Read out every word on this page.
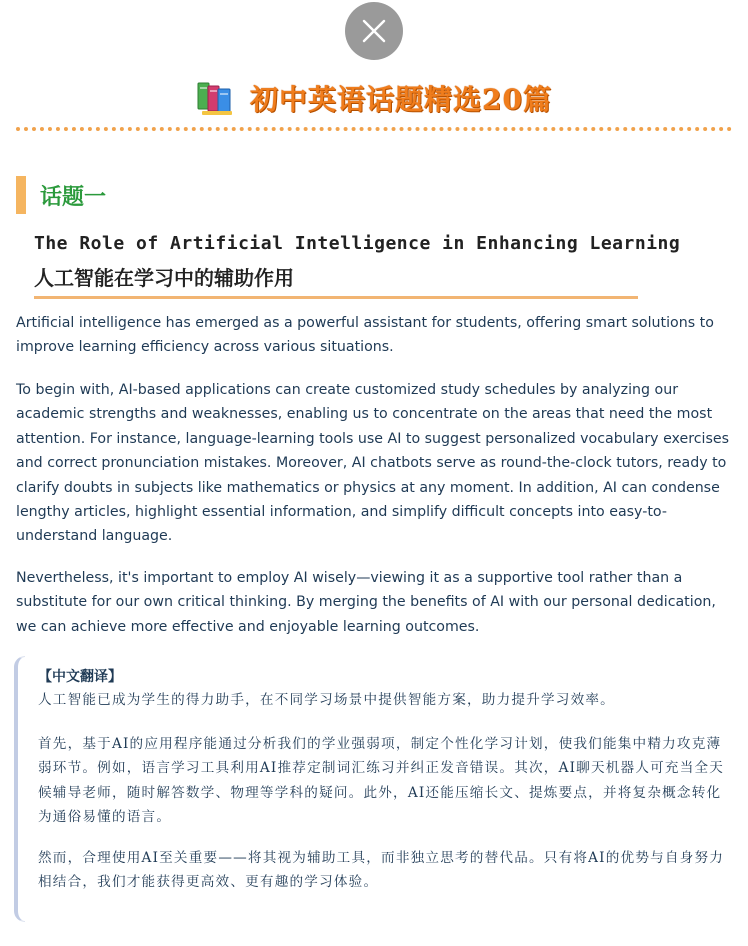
初中英语话题精选20篇
话题一
The Role of Artificial Intelligence in Enhancing Learning
人工智能在学习中的辅助作用

Artificial intelligence has emerged as a powerful assistant for students, offering smart solutions to improve learning efficiency across various situations.

To begin with, AI-based applications can create customized study schedules by analyzing our academic strengths and weaknesses, enabling us to concentrate on the areas that need the most attention. For instance, language-learning tools use AI to suggest personalized vocabulary exercises and correct pronunciation mistakes. Moreover, AI chatbots serve as round-the-clock tutors, ready to clarify doubts in subjects like mathematics or physics at any moment. In addition, AI can condense lengthy articles, highlight essential information, and simplify difficult concepts into easy-to-understand language.

Nevertheless, it's important to employ AI wisely—viewing it as a supportive tool rather than a substitute for our own critical thinking. By merging the benefits of AI with our personal dedication, we can achieve more effective and enjoyable learning outcomes.

【中文翻译】

人工智能已成为学生的得力助手，在不同学习场景中提供智能方案，助力提升学习效率。

首先，基于AI的应用程序能通过分析我们的学业强弱项，制定个性化学习计划，使我们能集中精力攻克薄弱环节。例如，语言学习工具利用AI推荐定制词汇练习并纠正发音错误。其次，AI聊天机器人可充当全天候辅导老师，随时解答数学、物理等学科的疑问。此外，AI还能压缩长文、提炼要点，并将复杂概念转化为通俗易懂的语言。

然而，合理使用AI至关重要——将其视为辅助工具，而非独立思考的替代品。只有将AI的优势与自身努力相结合，我们才能获得更高效、更有趣的学习体验。
